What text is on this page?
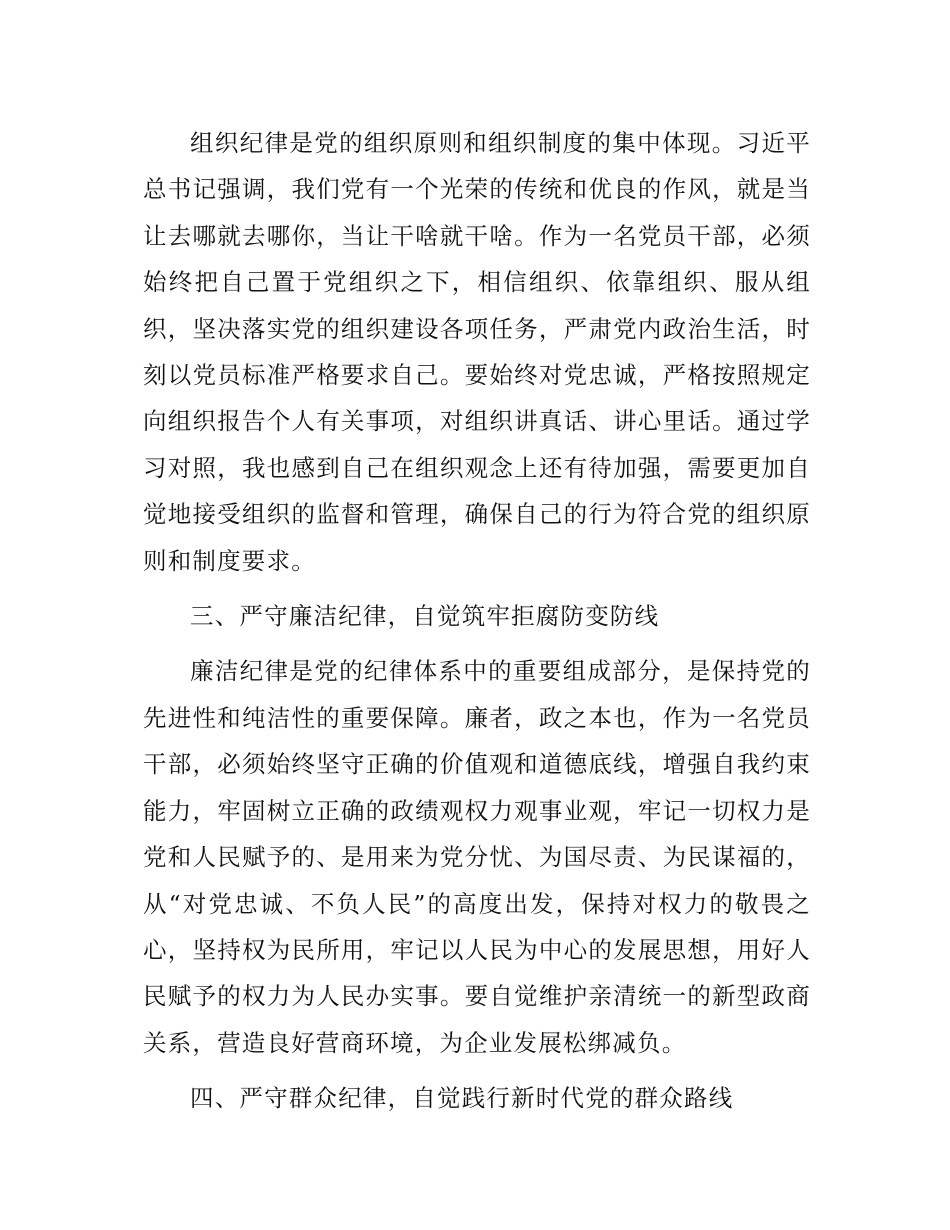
组织纪律是党的组织原则和组织制度的集中体现。习近平总书记强调，我们党有一个光荣的传统和优良的作风，就是当让去哪就去哪你，当让干啥就干啥。作为一名党员干部，必须始终把自己置于党组织之下，相信组织、依靠组织、服从组织，坚决落实党的组织建设各项任务，严肃党内政治生活，时刻以党员标准严格要求自己。要始终对党忠诚，严格按照规定向组织报告个人有关事项，对组织讲真话、讲心里话。通过学习对照，我也感到自己在组织观念上还有待加强，需要更加自觉地接受组织的监督和管理，确保自己的行为符合党的组织原则和制度要求。

三、严守廉洁纪律，自觉筑牢拒腐防变防线

廉洁纪律是党的纪律体系中的重要组成部分，是保持党的先进性和纯洁性的重要保障。廉者，政之本也，作为一名党员干部，必须始终坚守正确的价值观和道德底线，增强自我约束能力，牢固树立正确的政绩观权力观事业观，牢记一切权力是党和人民赋予的、是用来为党分忧、为国尽责、为民谋福的，从“对党忠诚、不负人民”的高度出发，保持对权力的敬畏之心，坚持权为民所用，牢记以人民为中心的发展思想，用好人民赋予的权力为人民办实事。要自觉维护亲清统一的新型政商关系，营造良好营商环境，为企业发展松绑减负。

四、严守群众纪律，自觉践行新时代党的群众路线
